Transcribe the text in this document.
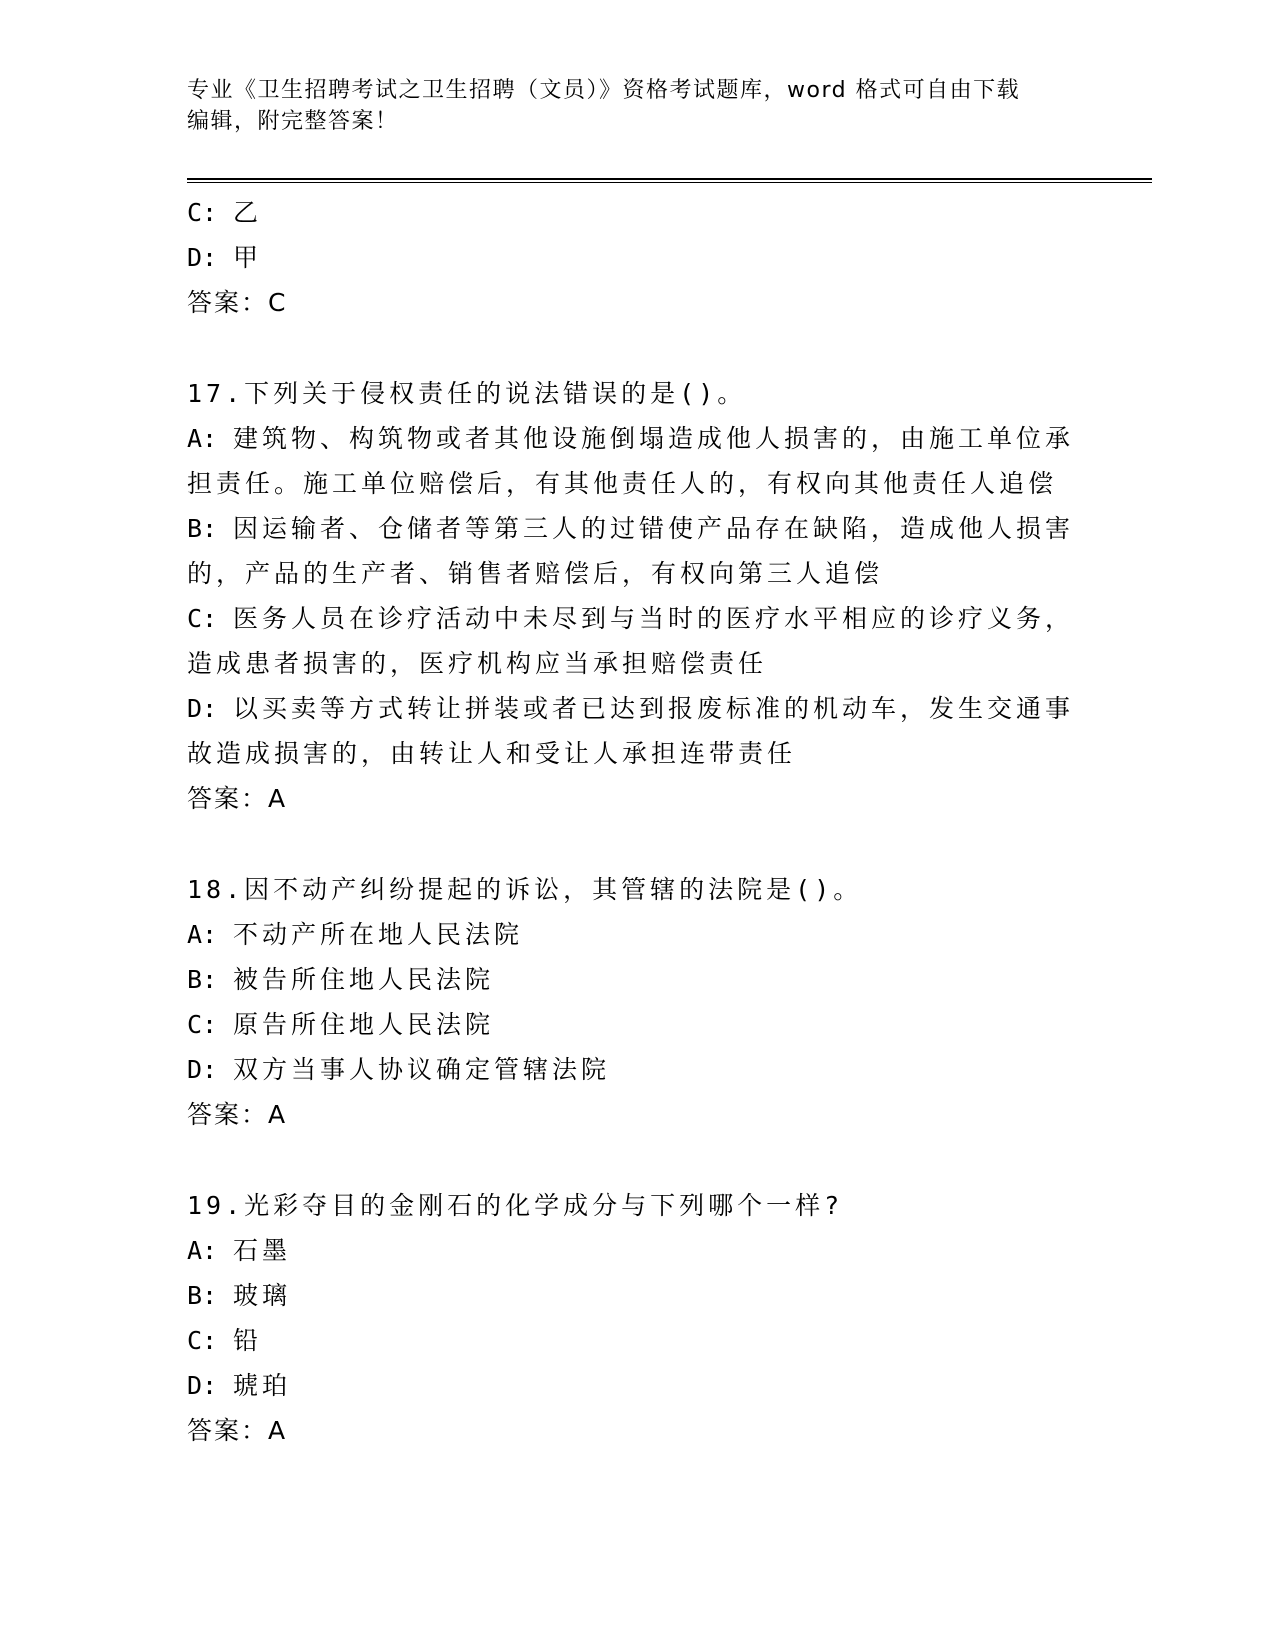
专业《卫生招聘考试之卫生招聘（文员）》资格考试题库，word 格式可自由下载
编辑，附完整答案！
C: 乙
D: 甲
答案：C
17.下列关于侵权责任的说法错误的是()。
A: 建筑物、构筑物或者其他设施倒塌造成他人损害的，由施工单位承
担责任。施工单位赔偿后，有其他责任人的，有权向其他责任人追偿
B: 因运输者、仓储者等第三人的过错使产品存在缺陷，造成他人损害
的，产品的生产者、销售者赔偿后，有权向第三人追偿
C: 医务人员在诊疗活动中未尽到与当时的医疗水平相应的诊疗义务，
造成患者损害的，医疗机构应当承担赔偿责任
D: 以买卖等方式转让拼装或者已达到报废标准的机动车，发生交通事
故造成损害的，由转让人和受让人承担连带责任
答案：A
18.因不动产纠纷提起的诉讼，其管辖的法院是()。
A: 不动产所在地人民法院
B: 被告所住地人民法院
C: 原告所住地人民法院
D: 双方当事人协议确定管辖法院
答案：A
19.光彩夺目的金刚石的化学成分与下列哪个一样?
A: 石墨
B: 玻璃
C: 铅
D: 琥珀
答案：A
